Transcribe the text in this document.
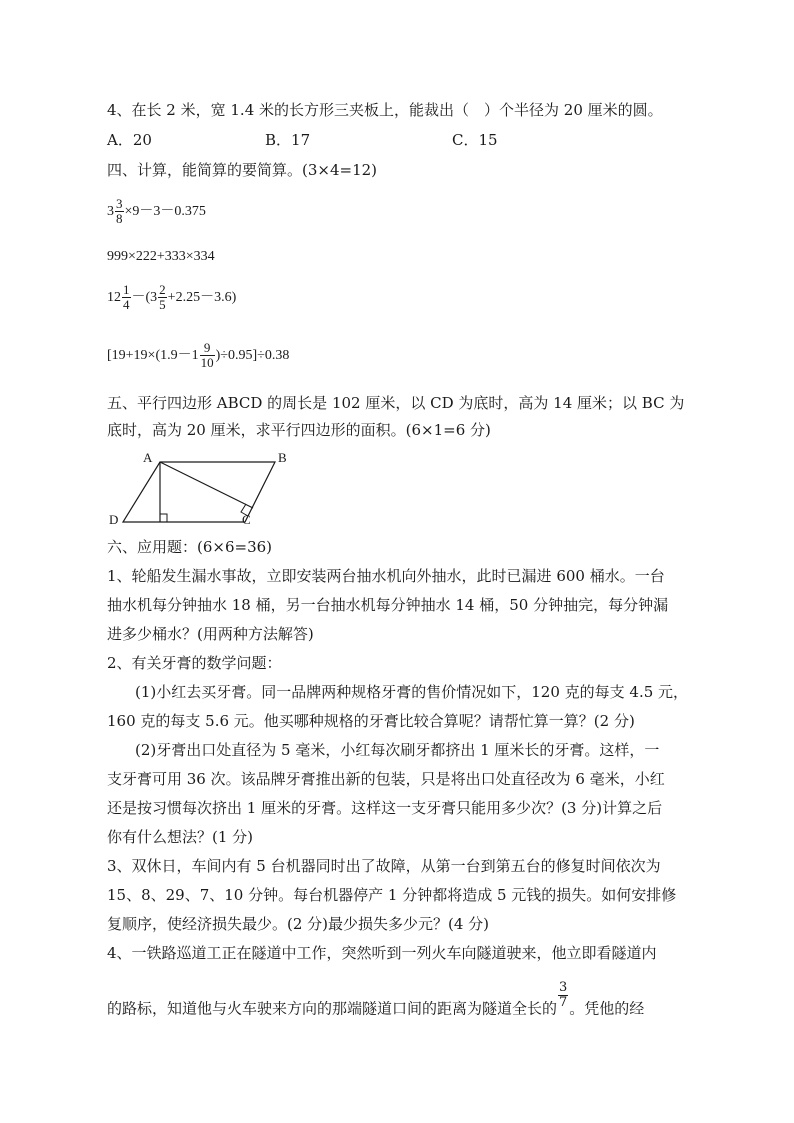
4、在长 2 米，宽 1.4 米的长方形三夹板上，能裁出（　）个半径为 20 厘米的圆。
A．20	B．17	C．15
四、计算，能简算的要简算。(3×4=12)
$3 \frac{3}{8} \times 9-3-0.375$
999×222+333×334
$12 \frac{1}{4} -(3 \frac{2}{5} +2.25-3.6)$
$[19+19\times(1.9-1 \frac{9}{10} )\div 0.95]\div 0.38$
五、平行四边形 ABCD 的周长是 102 厘米，以 CD 为底时，高为 14 厘米；以 BC 为
底时，高为 20 厘米，求平行四边形的面积。(6×1=6 分)
A	B
C
D
六、应用题：(6×6=36)
1、轮船发生漏水事故，立即安装两台抽水机向外抽水，此时已漏进 600 桶水。一台
抽水机每分钟抽水 18 桶，另一台抽水机每分钟抽水 14 桶，50 分钟抽完，每分钟漏
进多少桶水？(用两种方法解答)
2、有关牙膏的数学问题：
(1)小红去买牙膏。同一品牌两种规格牙膏的售价情况如下，120 克的每支 4.5 元，
160 克的每支 5.6 元。他买哪种规格的牙膏比较合算呢？请帮忙算一算？(2 分)
(2)牙膏出口处直径为 5 毫米，小红每次刷牙都挤出 1 厘米长的牙膏。这样，一
支牙膏可用 36 次。该品牌牙膏推出新的包装，只是将出口处直径改为 6 毫米，小红
还是按习惯每次挤出 1 厘米的牙膏。这样这一支牙膏只能用多少次？(3 分)计算之后
你有什么想法？(1 分)
3、双休日，车间内有 5 台机器同时出了故障，从第一台到第五台的修复时间依次为
15、8、29、7、10 分钟。每台机器停产 1 分钟都将造成 5 元钱的损失。如何安排修
复顺序，使经济损失最少。(2 分)最少损失多少元？(4 分)
4、一铁路巡道工正在隧道中工作，突然听到一列火车向隧道驶来，他立即看隧道内
的路标，知道他与火车驶来方向的那端隧道口间的距离为隧道全长的 $\frac{3}{7}$ 。凭他的经
